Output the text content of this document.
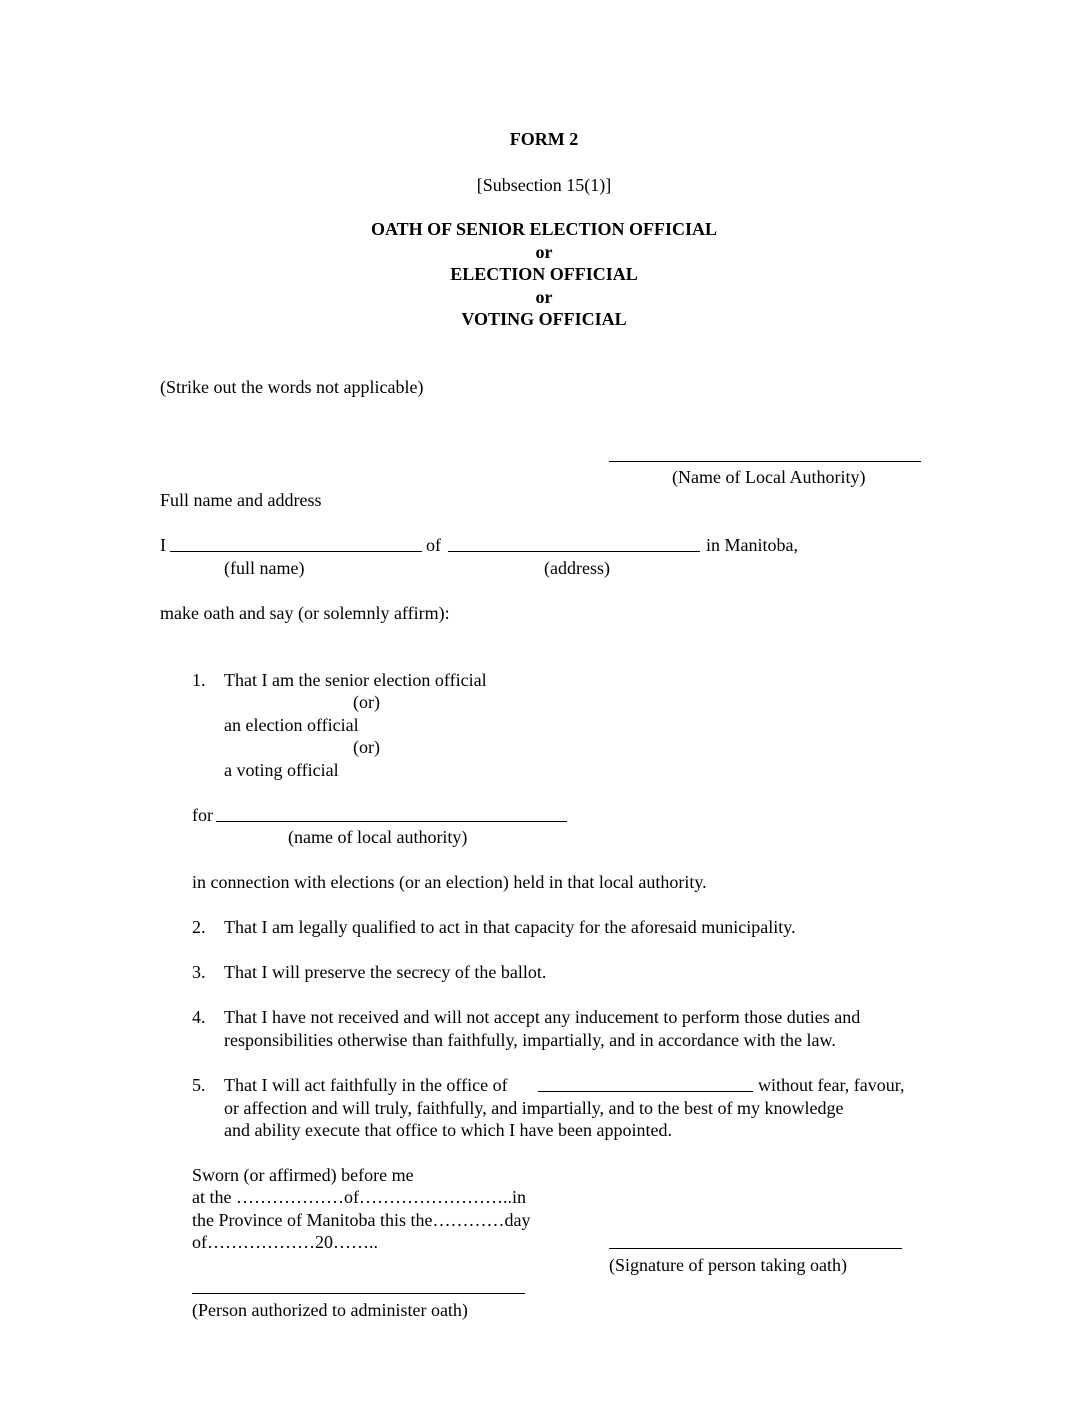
FORM 2
[Subsection 15(1)]
OATH OF SENIOR ELECTION OFFICIAL
or
ELECTION OFFICIAL
or
VOTING OFFICIAL
(Strike out the words not applicable)
(Name of Local Authority)
Full name and address
I	of	in Manitoba,
(full name)	(address)
make oath and say (or solemnly affirm):
1. That I am the senior election official
(or)
an election official
(or)
a voting official
for
(name of local authority)
in connection with elections (or an election) held in that local authority.
2. That I am legally qualified to act in that capacity for the aforesaid municipality.
3. That I will preserve the secrecy of the ballot.
4. That I have not received and will not accept any inducement to perform those duties and
responsibilities otherwise than faithfully, impartially, and in accordance with the law.
5. That I will act faithfully in the office of	without fear, favour,
or affection and will truly, faithfully, and impartially, and to the best of my knowledge
and ability execute that office to which I have been appointed.
Sworn (or affirmed) before me
at the ………………of……………………..in
the Province of Manitoba this the…………day
of………………20……..
(Signature of person taking oath)
(Person authorized to administer oath)
